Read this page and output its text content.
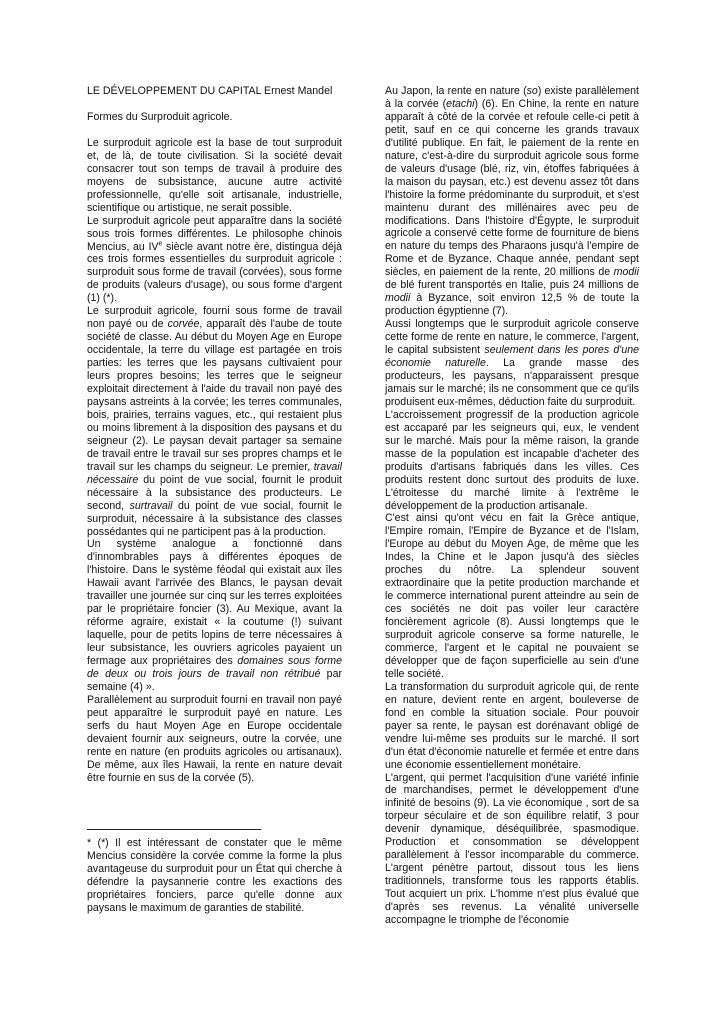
LE DÉVELOPPEMENT DU CAPITAL Ernest Mandel

Formes du Surproduit agricole.

Le surproduit agricole est la base de tout surproduit et, de là, de toute civilisation. Si la société devait consacrer tout son temps de travail à produire des moyens de subsistance, aucune autre activité professionnelle, qu'elle soit artisanale, industrielle, scientifique ou artistique, ne serait possible.

Le surproduit agricole peut apparaître dans la société sous trois formes différentes. Le philosophe chinois Mencius, au IVe siècle avant notre ère, distingua déjà ces trois formes essentielles du surproduit agricole : surproduit sous forme de travail (corvées), sous forme de produits (valeurs d'usage), ou sous forme d'argent (1) (*).

Le surproduit agricole, fourni sous forme de travail non payé ou de corvée, apparaît dès l'aube de toute société de classe. Au début du Moyen Age en Europe occidentale, la terre du village est partagée en trois parties: les terres que les paysans cultivaient pour leurs propres besoins; les terres que le seigneur exploitait directement à l'aide du travail non payé des paysans astreints à la corvée; les terres communales, bois, prairies, terrains vagues, etc., qui restaient plus ou moins librement à la disposition des paysans et du seigneur (2). Le paysan devait partager sa semaine de travail entre le travail sur ses propres champs et le travail sur les champs du seigneur. Le premier, travail nécessaire du point de vue social, fournit le produit nécessaire à la subsistance des producteurs. Le second, surtravail du point de vue social, fournit le surproduit, nécessaire à la subsistance des classes possédantes qui ne participent pas à la production.

Un système analogue a fonctionné dans d'innombrables pays à différentes époques de l'histoire. Dans le système féodal qui existait aux îles Hawaii avant l'arrivée des Blancs, le paysan devait travailler une journée sur cinq sur les terres exploitées par le propriétaire foncier (3). Au Mexique, avant la réforme agraire, existait « la coutume (!) suivant laquelle, pour de petits lopins de terre nécessaires à leur subsistance, les ouvriers agricoles payaient un fermage aux propriétaires des domaines sous forme de deux ou trois jours de travail non rétribué par semaine (4) ».

Parallèlement au surproduit fourni en travail non payé peut apparaître le surproduit payé en nature. Les serfs du haut Moyen Age en Europe occidentale devaient fournir aux seigneurs, outre la corvée, une rente en nature (en produits agricoles ou artisanaux). De même, aux îles Hawaii, la rente en nature devait être fournie en sus de la corvée (5).

* (*) Il est intéressant de constater que le même Mencius considère la corvée comme la forme la plus avantageuse du surproduit pour un État qui cherche à défendre la paysannerie contre les exactions des propriétaires fonciers, parce qu'elle donne aux paysans le maximum de garanties de stabilité.

Au Japon, la rente en nature (so) existe parallèlement à la corvée (etachi) (6). En Chine, la rente en nature apparaît à côté de la corvée et refoule celle-ci petit à petit, sauf en ce qui concerne les grands travaux d'utilité publique. En fait, le paiement de la rente en nature, c'est-à-dire du surproduit agricole sous forme de valeurs d'usage (blé, riz, vin, étoffes fabriquées à la maison du paysan, etc.) est devenu assez tôt dans l'histoire la forme prédominante du surproduit, et s'est maintenu durant des millénaires avec peu de modifications. Dans l'histoire d'Égypte, le surproduit agricole a conservé cette forme de fourniture de biens en nature du temps des Pharaons jusqu'à l'empire de Rome et de Byzance. Chaque année, pendant sept siècles, en paiement de la rente, 20 millions de modii de blé furent transportés en Italie, puis 24 millions de modii à Byzance, soit environ 12,5 % de toute la production égyptienne (7).

Aussi longtemps que le surproduit agricole conserve cette forme de rente en nature, le commerce, l'argent, le capital subsistent seulement dans les pores d'une économie naturelle. La grande masse des producteurs, les paysans, n'apparaissent presque jamais sur le marché; ils ne consomment que ce qu'ils produisent eux-mêmes, déduction faite du surproduit.

L'accroissement progressif de la production agricole est accaparé par les seigneurs qui, eux, le vendent sur le marché. Mais pour la même raison, la grande masse de la population est incapable d'acheter des produits d'artisans fabriqués dans les villes. Ces produits restent donc surtout des produits de luxe. L'étroitesse du marché limite à l'extrême le développement de la production artisanale.

C'est ainsi qu'ont vécu en fait la Grèce antique, l'Empire romain, l'Empire de Byzance et de l'Islam, l'Europe au début du Moyen Age, de même que les Indes, la Chine et le Japon jusqu'à des siècles proches du nôtre. La splendeur souvent extraordinaire que la petite production marchande et le commerce international purent atteindre au sein de ces sociétés ne doit pas voiler leur caractère foncièrement agricole (8). Aussi longtemps que le surproduit agricole conserve sa forme naturelle, le commerce, l'argent et le capital ne pouvaient se développer que de façon superficielle au sein d'une telle société.

La transformation du surproduit agricole qui, de rente en nature, devient rente en argent, bouleverse de fond en comble la situation sociale. Pour pouvoir payer sa rente, le paysan est dorénavant obligé de vendre lui-même ses produits sur le marché. Il sort d'un état d'économie naturelle et fermée et entre dans une économie essentiellement monétaire.

L'argent, qui permet l'acquisition d'une variété infinie de marchandises, permet le développement d'une infinité de besoins (9). La vie économique , sort de sa torpeur séculaire et de son équilibre relatif, 3 pour devenir dynamique, déséquilibrée, spasmodique. Production et consommation se développent parallèlement à l'essor incomparable du commerce. L'argent pénètre partout, dissout tous les liens traditionnels, transforme tous les rapports établis. Tout acquiert un prix. L'homme n'est plus évalué que d'après ses revenus. La vénalité universelle accompagne le triomphe de l'économie
